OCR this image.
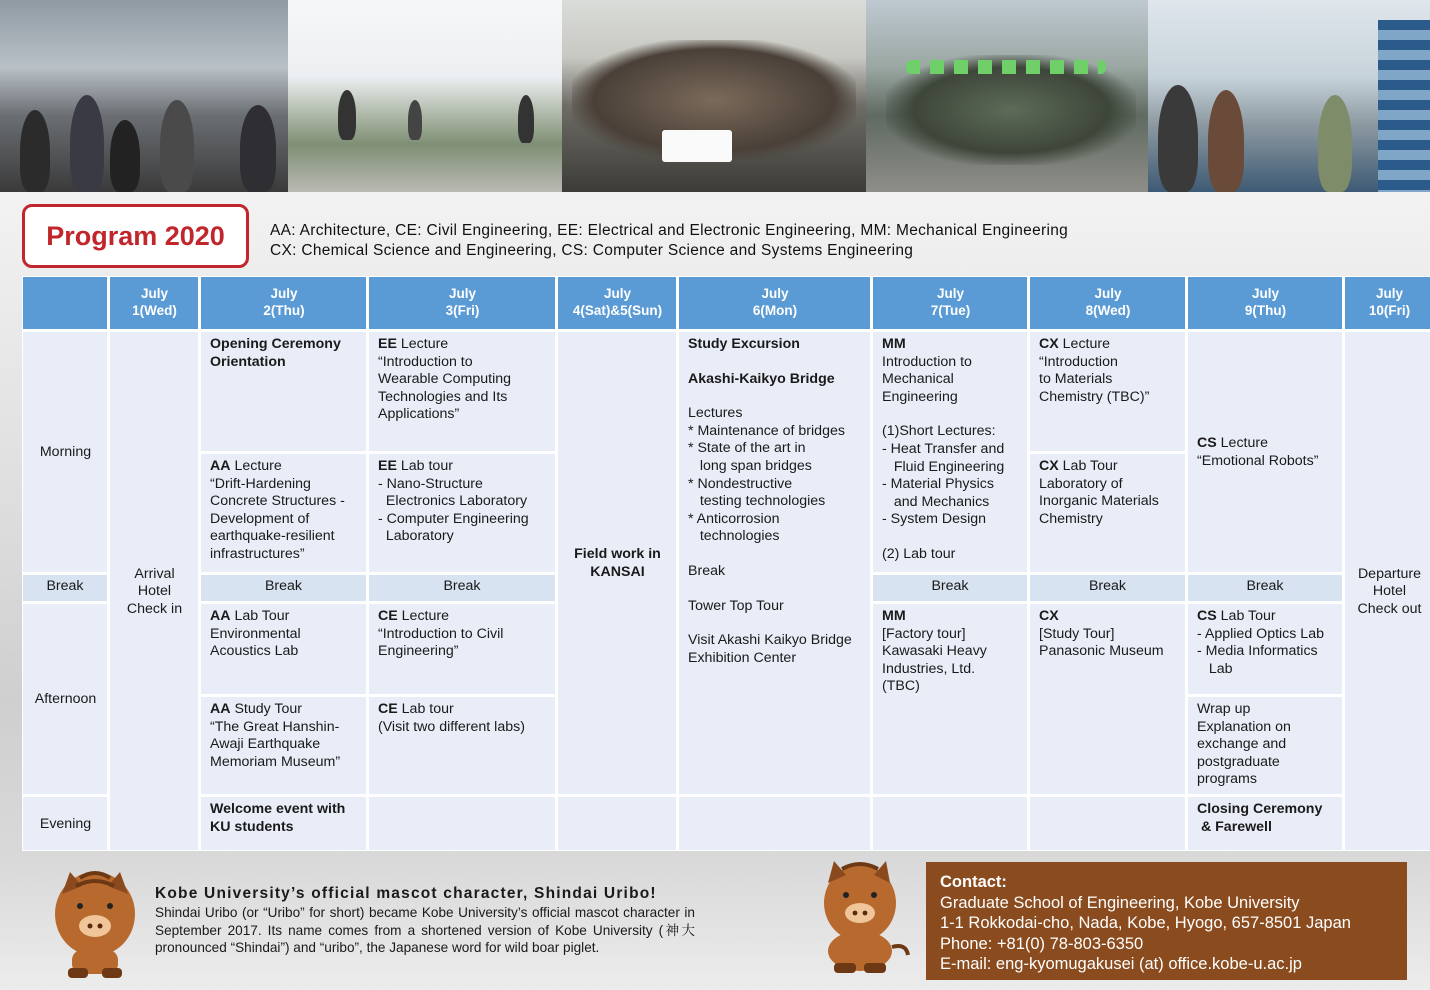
Program 2020	AA: Architecture, CE: Civil Engineering, EE: Electrical and Electronic Engineering, MM: Mechanical Engineering
CX: Chemical Science and Engineering, CS: Computer Science and Systems Engineering
July
1(Wed)
July
2(Thu)
July
3(Fri)
July
4(Sat)&5(Sun)
July
6(Mon)
July
7(Tue)
July
8(Wed)
July
9(Thu)
July
10(Fri)
Morning
Break
Afternoon
Evening
Arrival
Hotel
Check in
Opening Ceremony
Orientation
AA Lecture
“Drift-Hardening
Concrete Structures -
Development of
earthquake-resilient
infrastructures”
Break
AA Lab Tour
Environmental
Acoustics Lab
AA Study Tour
“The Great Hanshin-
Awaji Earthquake
Memoriam Museum”
Welcome event with
KU students
EE Lecture
“Introduction to
Wearable Computing
Technologies and Its
Applications”
EE Lab tour
- Nano-Structure
Electronics Laboratory
- Computer Engineering
Laboratory
Break
CE Lecture
“Introduction to Civil
Engineering”
CE Lab tour
(Visit two different labs)
Field work in
KANSAI
Study Excursion
Akashi-Kaikyo Bridge
Lectures
* Maintenance of bridges
* State of the art in
long span bridges
* Nondestructive
testing technologies
* Anticorrosion
technologies
Break
Tower Top Tour
Visit Akashi Kaikyo Bridge
Exhibition Center
MM
Introduction to
Mechanical
Engineering
(1)Short Lectures:
- Heat Transfer and
Fluid Engineering
- Material Physics
and Mechanics
- System Design
(2) Lab tour
Break
MM
[Factory tour]
Kawasaki Heavy
Industries, Ltd.
(TBC)
CX Lecture
“Introduction
to Materials
Chemistry (TBC)”
CX Lab Tour
Laboratory of
Inorganic Materials
Chemistry
Break
CX
[Study Tour]
Panasonic Museum
CS Lecture
“Emotional Robots”
Break
CS Lab Tour
- Applied Optics Lab
- Media Informatics
Lab
Wrap up
Explanation on
exchange and
postgraduate
programs
Closing Ceremony
& Farewell
Departure
Hotel
Check out
Kobe University’s official mascot character, Shindai Uribo!
Shindai Uribo (or “Uribo” for short) became Kobe University’s official mascot character in September 2017. Its name comes from a shortened version of Kobe University (神大 pronounced “Shindai”) and “uribo”, the Japanese word for wild boar piglet.
Contact:
Graduate School of Engineering, Kobe University
1-1 Rokkodai-cho, Nada, Kobe, Hyogo, 657-8501 Japan
Phone: +81(0) 78-803-6350
E-mail: eng-kyomugakusei (at) office.kobe-u.ac.jp
